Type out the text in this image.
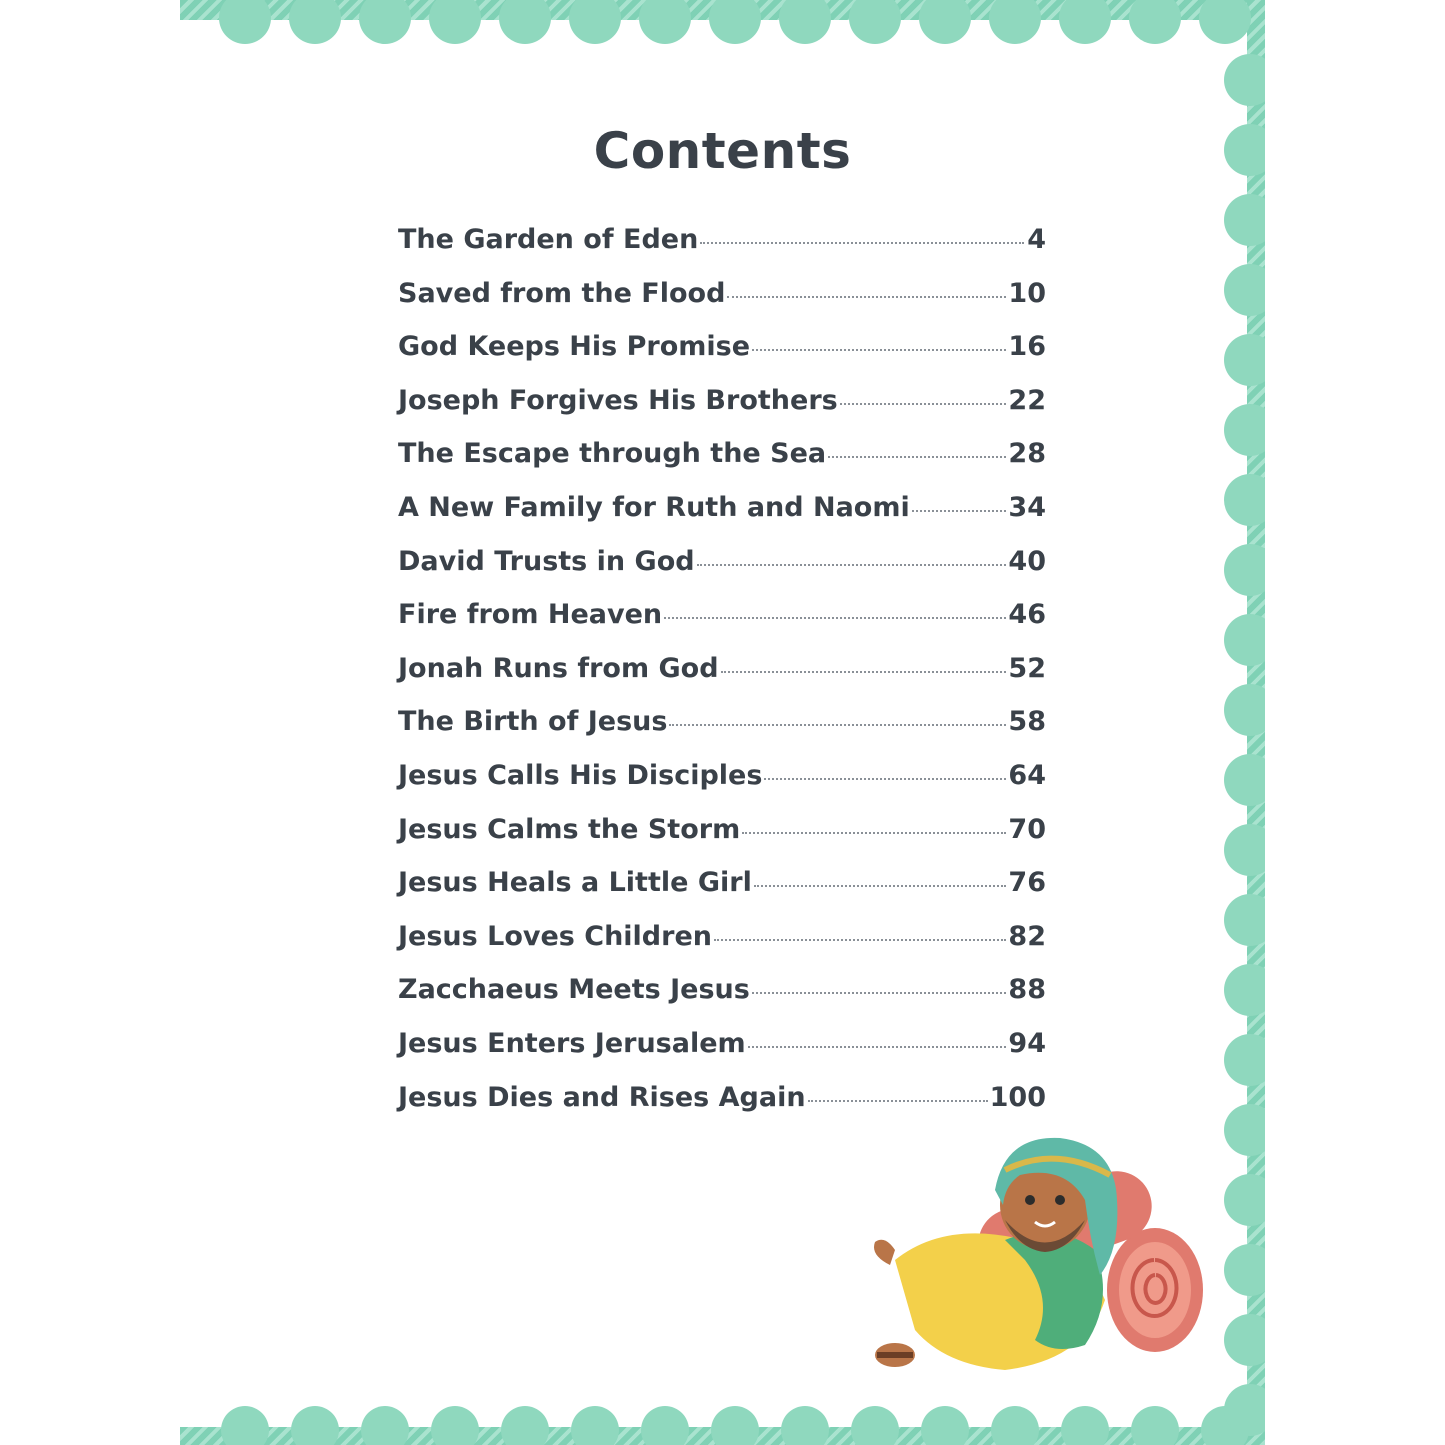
Contents
The Garden of Eden	4
Saved from the Flood	10
God Keeps His Promise	16
Joseph Forgives His Brothers	22
The Escape through the Sea	28
A New Family for Ruth and Naomi	34
David Trusts in God	40
Fire from Heaven	46
Jonah Runs from God	52
The Birth of Jesus	58
Jesus Calls His Disciples	64
Jesus Calms the Storm	70
Jesus Heals a Little Girl	76
Jesus Loves Children	82
Zacchaeus Meets Jesus	88
Jesus Enters Jerusalem	94
Jesus Dies and Rises Again	100
